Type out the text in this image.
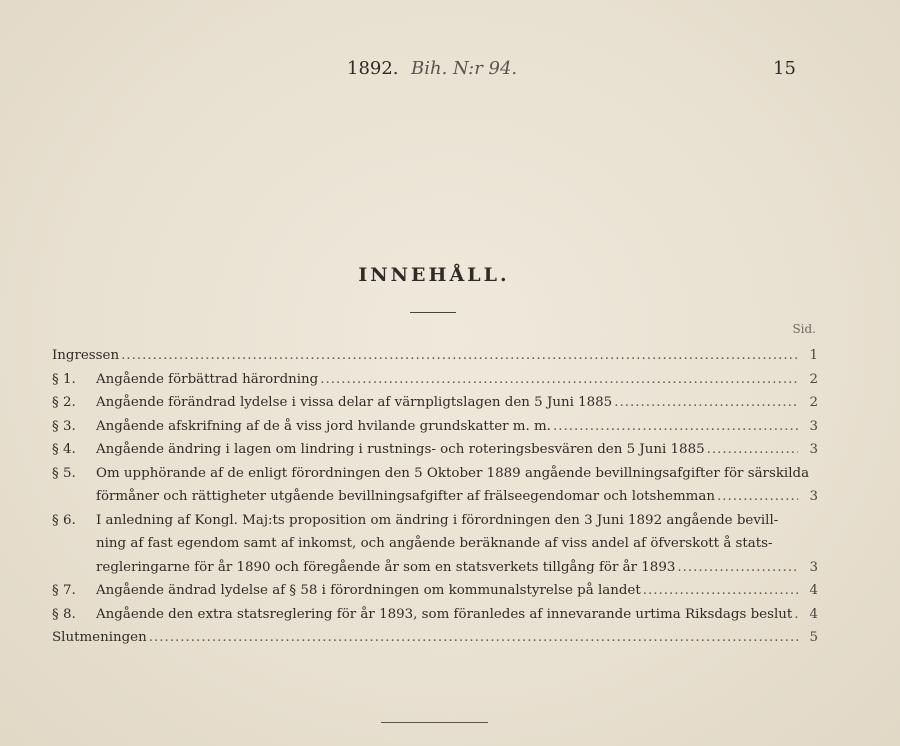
1892. Bih. N:r 94.	15
INNEHÅLL.
Sid.
Ingressen .....	1
§ 1.	Angående förbättrad härordning .....	2
§ 2.	Angående förändrad lydelse i vissa delar af värnpligtslagen den 5 Juni 1885 .....	2
§ 3.	Angående afskrifning af de å viss jord hvilande grundskatter m. m. .....	3
§ 4.	Angående ändring i lagen om lindring i rustnings- och roteringsbesvären den 5 Juni 1885 .....	3
§ 5.	Om upphörande af de enligt förordningen den 5 Oktober 1889 angående bevillningsafgifter för särskilda
förmåner och rättigheter utgående bevillningsafgifter af frälseegendomar och lotshemman .....	3
§ 6.	I anledning af Kongl. Maj:ts proposition om ändring i förordningen den 3 Juni 1892 angående bevill-
ning af fast egendom samt af inkomst, och angående beräknande af viss andel af öfverskott å stats-
regleringarne för år 1890 och föregående år som en statsverkets tillgång för år 1893 .....	3
§ 7.	Angående ändrad lydelse af § 58 i förordningen om kommunalstyrelse på landet .....	4
§ 8.	Angående den extra statsreglering för år 1893, som föranledes af innevarande urtima Riksdags beslut .....	4
Slutmeningen .....	5
